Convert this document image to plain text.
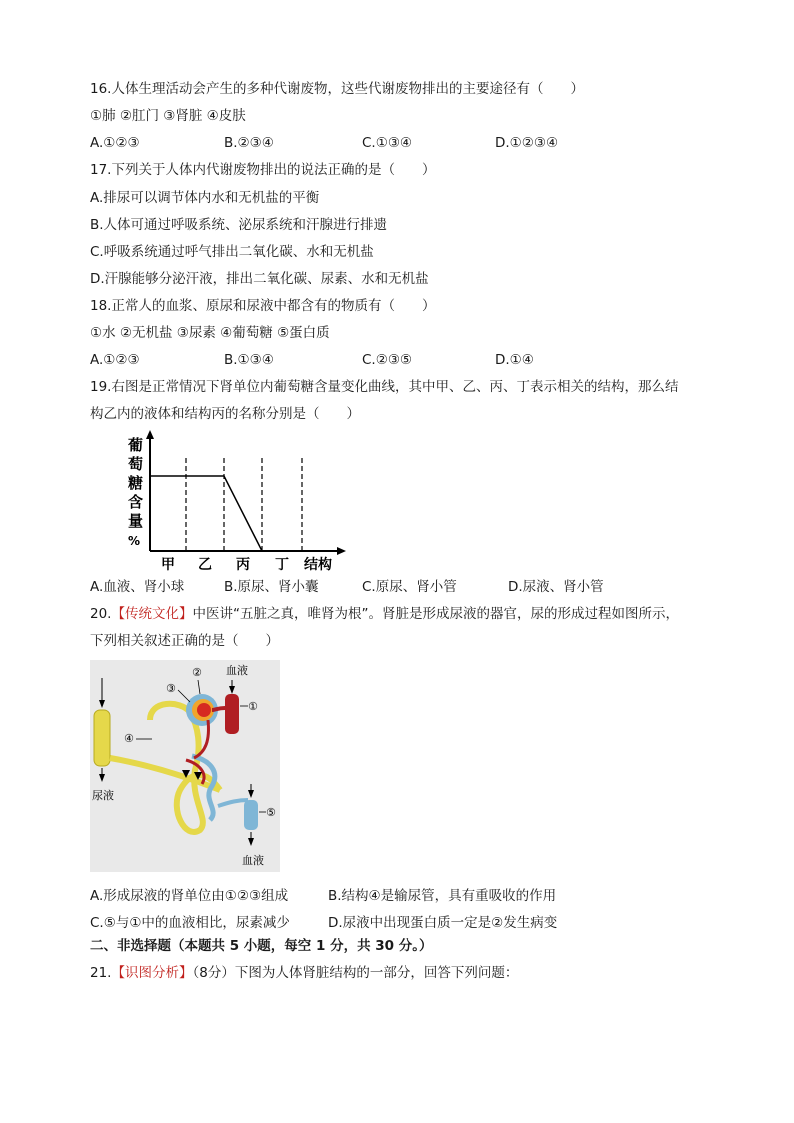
16.人体生理活动会产生的多种代谢废物，这些代谢废物排出的主要途径有（　　）
①肺 ②肛门 ③肾脏 ④皮肤
A.①②③	B.②③④	C.①③④	D.①②③④
17.下列关于人体内代谢废物排出的说法正确的是（　　）
A.排尿可以调节体内水和无机盐的平衡
B.人体可通过呼吸系统、泌尿系统和汗腺进行排遗
C.呼吸系统通过呼气排出二氧化碳、水和无机盐
D.汗腺能够分泌汗液，排出二氧化碳、尿素、水和无机盐
18.正常人的血浆、原尿和尿液中都含有的物质有（　　）
①水 ②无机盐 ③尿素 ④葡萄糖 ⑤蛋白质
A.①②③	B.①③④	C.②③⑤	D.①④
19.右图是正常情况下肾单位内葡萄糖含量变化曲线，其中甲、乙、丙、丁表示相关的结构，那么结
构乙内的液体和结构丙的名称分别是（　　）
葡
萄
糖
含
量
%
甲 乙 丙 丁 结构
A.血液、肾小球	B.原尿、肾小囊	C.原尿、肾小管	D.尿液、肾小管
20.【传统文化】中医讲“五脏之真，唯肾为根”。肾脏是形成尿液的器官，尿的形成过程如图所示，
下列相关叙述正确的是（　　）
尿液
血液
①
②
③
④
⑤
血液
A.形成尿液的肾单位由①②③组成	B.结构④是输尿管，具有重吸收的作用
C.⑤与①中的血液相比，尿素减少	D.尿液中出现蛋白质一定是②发生病变
二、非选择题（本题共 5 小题，每空 1 分，共 30 分。）
21.【识图分析】（8分）下图为人体肾脏结构的一部分，回答下列问题：
